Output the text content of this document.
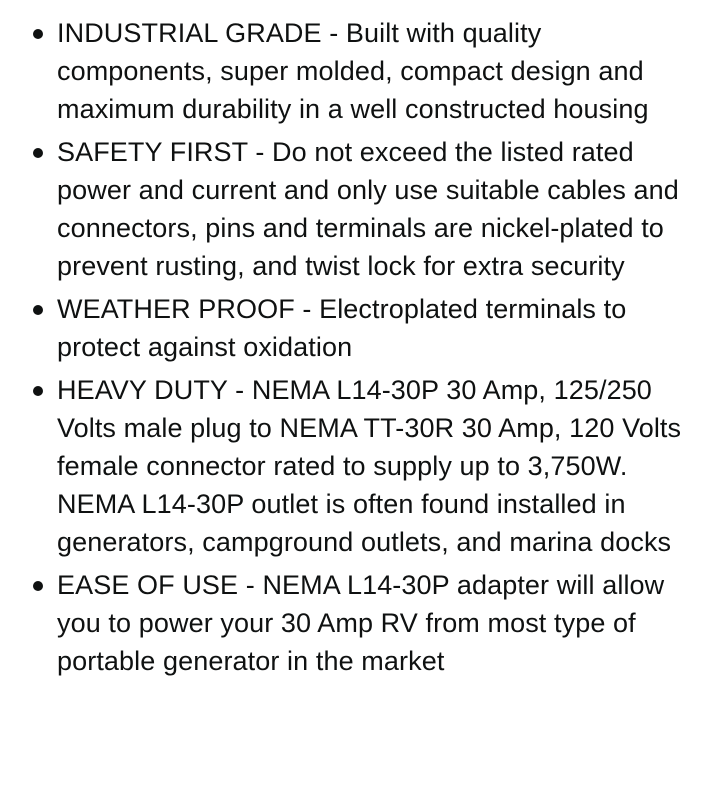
INDUSTRIAL GRADE - Built with quality components, super molded, compact design and maximum durability in a well constructed housing
SAFETY FIRST - Do not exceed the listed rated power and current and only use suitable cables and connectors, pins and terminals are nickel-plated to prevent rusting, and twist lock for extra security
WEATHER PROOF - Electroplated terminals to protect against oxidation
HEAVY DUTY - NEMA L14-30P 30 Amp, 125/250 Volts male plug to NEMA TT-30R 30 Amp, 120 Volts female connector rated to supply up to 3,750W. NEMA L14-30P outlet is often found installed in generators, campground outlets, and marina docks
EASE OF USE - NEMA L14-30P adapter will allow you to power your 30 Amp RV from most type of portable generator in the market
